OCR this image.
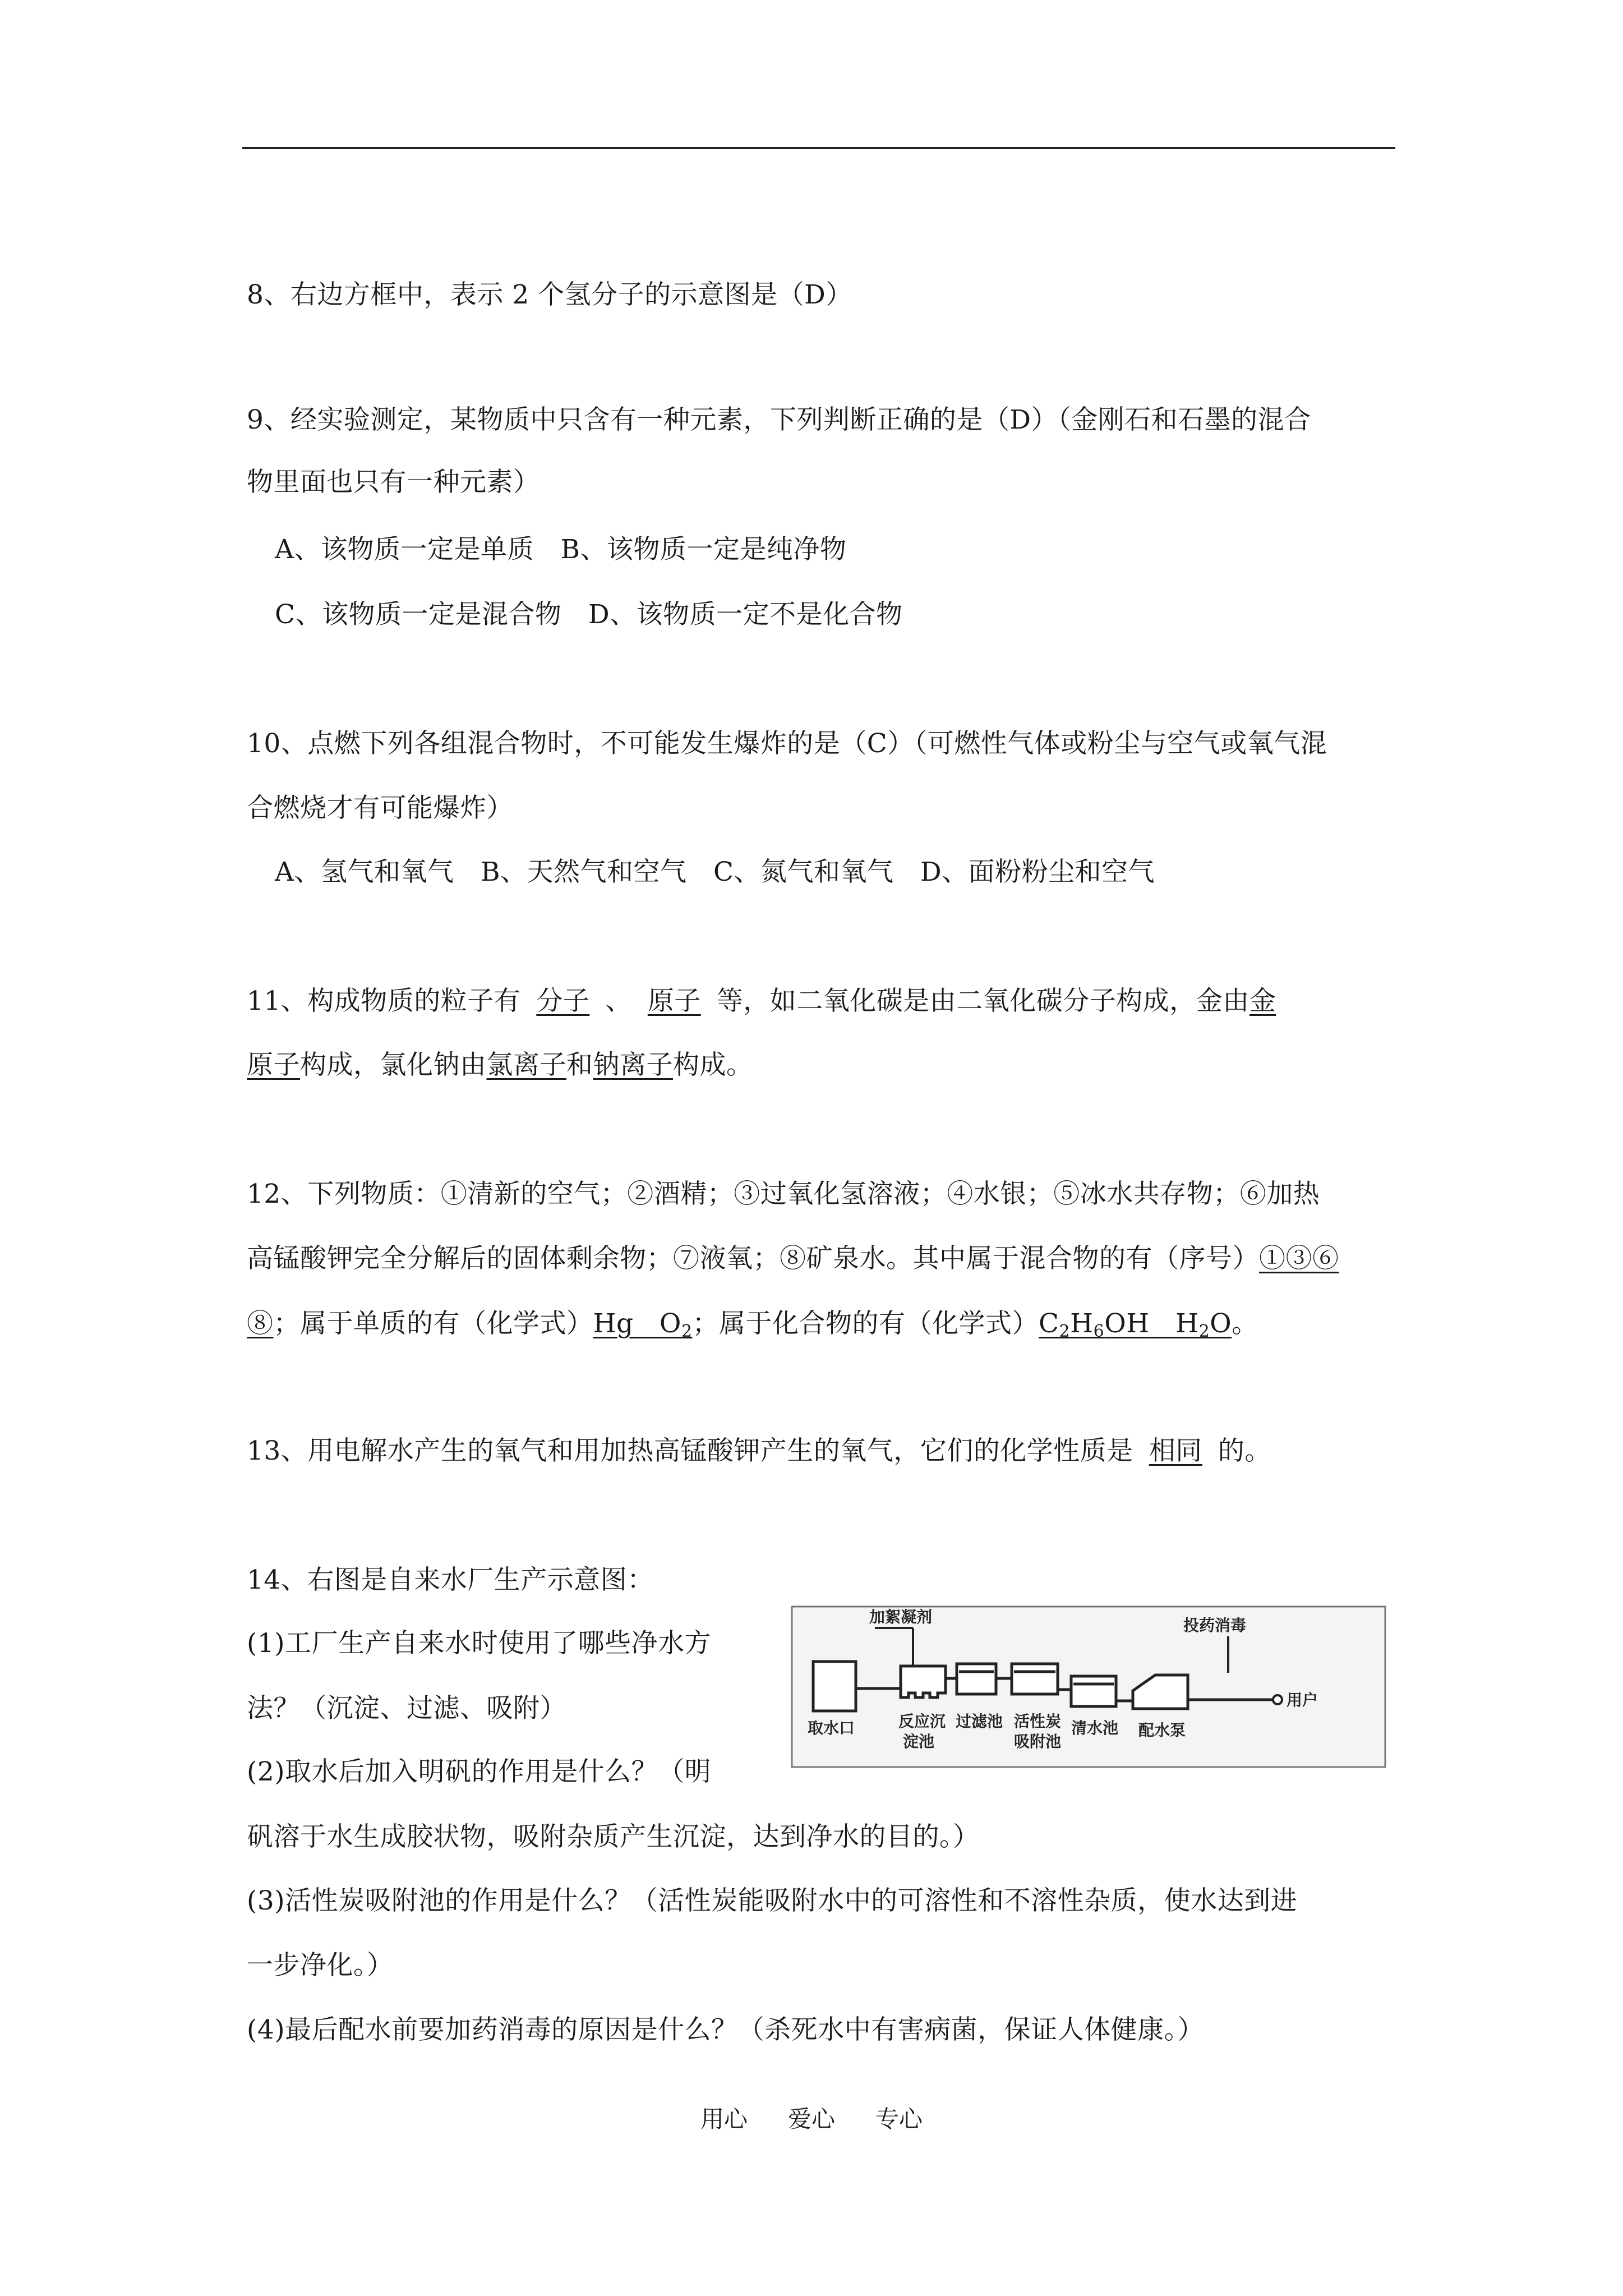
8、右边方框中，表示 2 个氢分子的示意图是（D）
9、经实验测定，某物质中只含有一种元素，下列判断正确的是（D）（金刚石和石墨的混合
物里面也只有一种元素）
A、该物质一定是单质　B、该物质一定是纯净物
C、该物质一定是混合物　D、该物质一定不是化合物
10、点燃下列各组混合物时，不可能发生爆炸的是（C）（可燃性气体或粉尘与空气或氧气混
合燃烧才有可能爆炸）
A、氢气和氧气　B、天然气和空气　C、氮气和氧气　D、面粉粉尘和空气
11、构成物质的粒子有 分子 、 原子 等，如二氧化碳是由二氧化碳分子构成，金由金
原子构成，氯化钠由氯离子和钠离子构成。
12、下列物质：①清新的空气；②酒精；③过氧化氢溶液；④水银；⑤冰水共存物；⑥加热
高锰酸钾完全分解后的固体剩余物；⑦液氧；⑧矿泉水。其中属于混合物的有（序号）①③⑥
⑧；属于单质的有（化学式）Hg $O_2$；属于化合物的有（化学式）$C_2H_6OH$ $H_2O$。
13、用电解水产生的氧气和用加热高锰酸钾产生的氧气，它们的化学性质是 相同 的。
14、右图是自来水厂生产示意图：
(1)工厂生产自来水时使用了哪些净水方
法？（沉淀、过滤、吸附）
(2)取水后加入明矾的作用是什么？（明
矾溶于水生成胶状物，吸附杂质产生沉淀，达到净水的目的。）
(3)活性炭吸附池的作用是什么？（活性炭能吸附水中的可溶性和不溶性杂质，使水达到进
一步净化。）
(4)最后配水前要加药消毒的原因是什么？（杀死水中有害病菌，保证人体健康。）
加絮凝剂	投药消毒
取水口	反应沉
淀池
过滤池 活性炭
吸附池
清水池 配水泵
用户
用心 爱心 专心
